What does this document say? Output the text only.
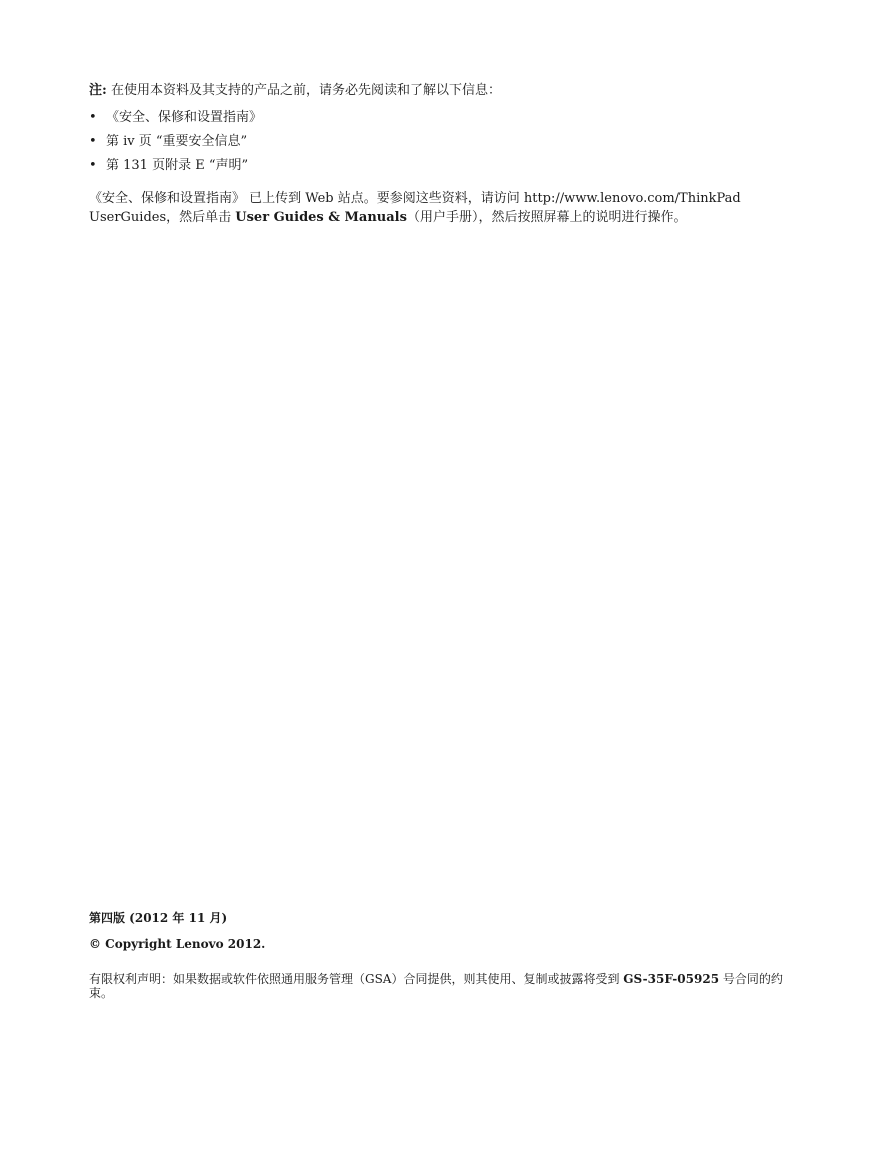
注: 在使用本资料及其支持的产品之前，请务必先阅读和了解以下信息：

• 《安全、保修和设置指南》
• 第 iv 页 “重要安全信息”
• 第 131 页附录 E “声明”

《安全、保修和设置指南》 已上传到 Web 站点。要参阅这些资料，请访问 http://www.lenovo.com/ThinkPad UserGuides，然后单击 User Guides & Manuals（用户手册），然后按照屏幕上的说明进行操作。

第四版 (2012 年 11 月)

© Copyright Lenovo 2012.

有限权利声明：如果数据或软件依照通用服务管理（GSA）合同提供，则其使用、复制或披露将受到 GS-35F-05925 号合同的约束。
